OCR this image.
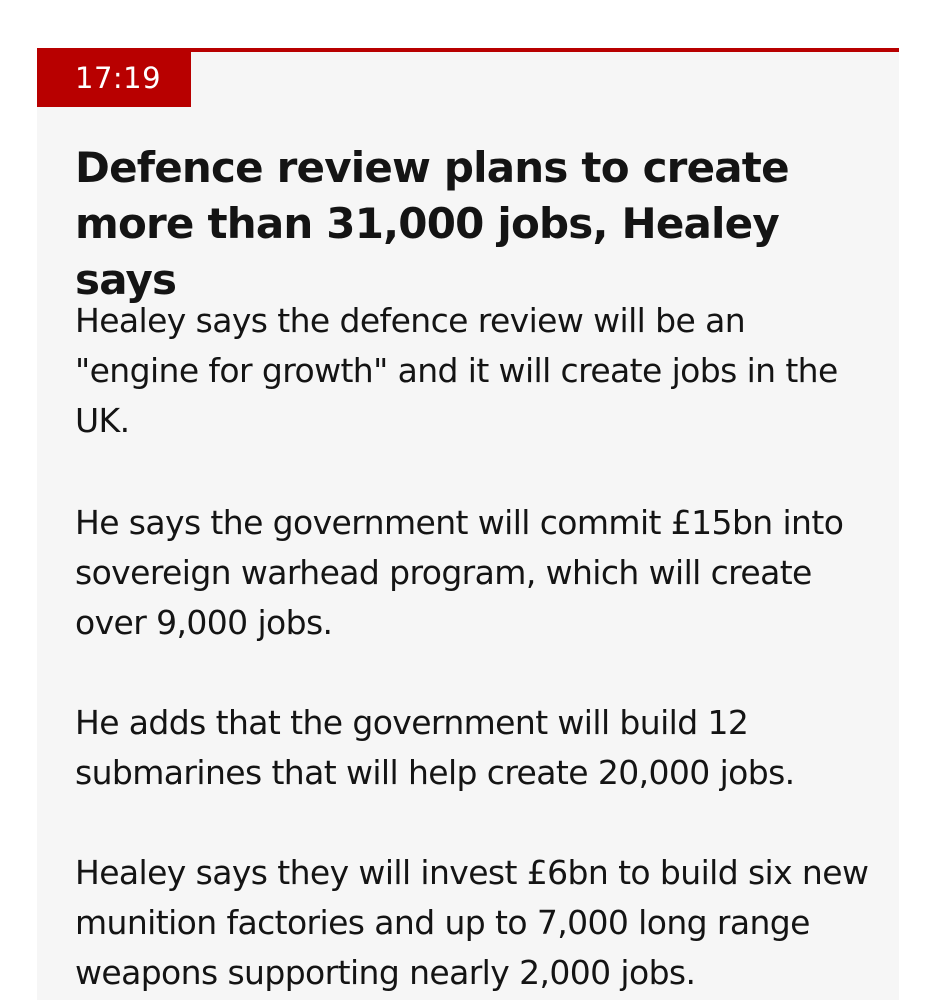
17:19
Defence review plans to create more than 31,000 jobs, Healey says

Healey says the defence review will be an "engine for growth" and it will create jobs in the UK.

He says the government will commit £15bn into sovereign warhead program, which will create over 9,000 jobs.

He adds that the government will build 12 submarines that will help create 20,000 jobs.

Healey says they will invest £6bn to build six new munition factories and up to 7,000 long range weapons supporting nearly 2,000 jobs.
